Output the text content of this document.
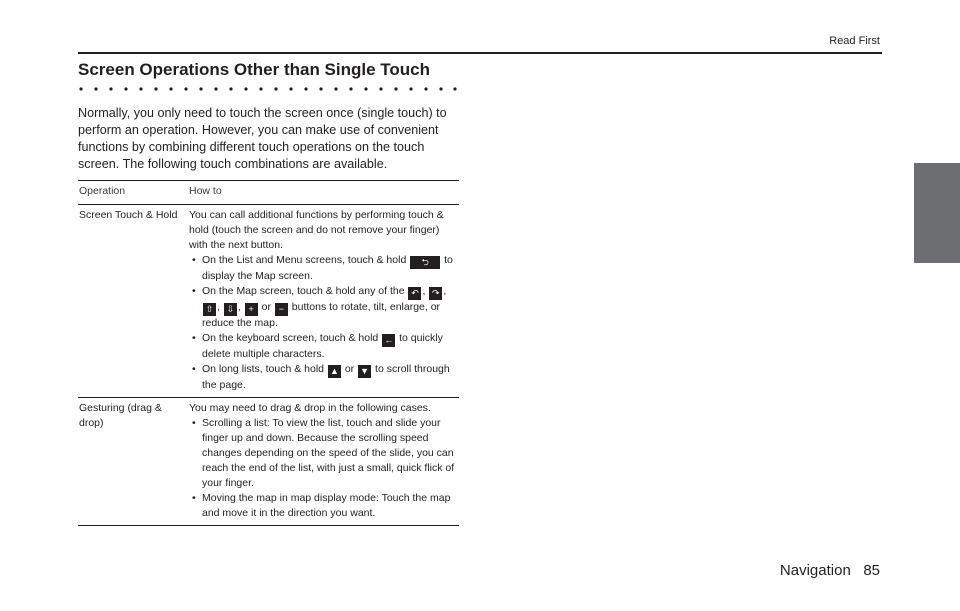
Read First
Screen Operations Other than Single Touch

Normally, you only need to touch the screen once (single touch) to perform an operation. However, you can make use of convenient functions by combining different touch operations on the touch screen. The following touch combinations are available.

Operation	How to
Screen Touch & Hold	You can call additional functions by performing touch & hold (touch the screen and do not remove your finger) with the next button.
• On the List and Menu screens, touch & hold ⮌ to display the Map screen.
• On the Map screen, touch & hold any of the ↶ , ↷ , ⇧ , ⇩ , + or − buttons to rotate, tilt, enlarge, or reduce the map.
• On the keyboard screen, touch & hold ← to quickly delete multiple characters.
• On long lists, touch & hold ▲ or ▼ to scroll through the page.
Gesturing (drag & drop)
You may need to drag & drop in the following cases.
• Scrolling a list: To view the list, touch and slide your finger up and down. Because the scrolling speed changes depending on the speed of the slide, you can reach the end of the list, with just a small, quick flick of your finger.
• Moving the map in map display mode: Touch the map and move it in the direction you want.
Navigation 85
